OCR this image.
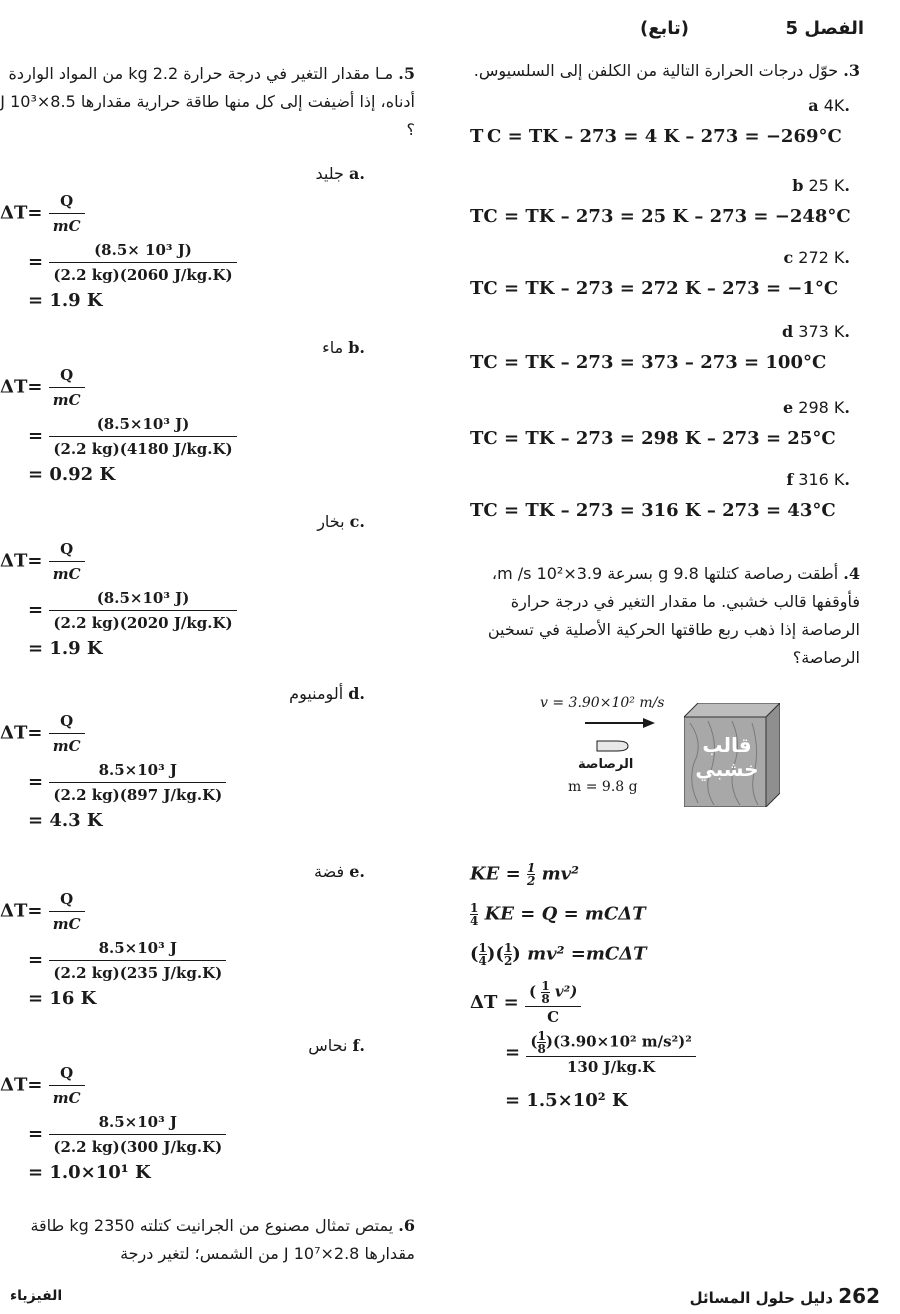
الفصل 5
(تابع)
3. حوّل درجات الحرارة التالية من الكلفن إلى السلسيوس.
.a 4K
T C = TK – 273 = 4 K – 273 = −269°C
.b 25 K
TC = TK – 273 = 25 K – 273 = −248°C
.c 272 K
TC = TK – 273 = 272 K – 273 = −1°C
.d 373 K
TC = TK – 273 = 373 – 273 = 100°C
.e 298 K
TC = TK – 273 = 298 K – 273 = 25°C
.f 316 K
TC = TK – 273 = 316 K – 273 = 43°C
4. أطقت رصاصة كتلتها 9.8 g بسرعة 3.9×10² m /s، فأوقفها قالب خشبي. ما مقدار التغير في درجة حرارة الرصاصة إذا ذهب ربع طاقتها الحركية الأصلية في تسخين الرصاصة؟
v = 3.90×10² m/s
الرصاصة
m = 9.8 g
قالب
خشبي
KE = $\frac{1}{2} mv^2$
$\frac{1}{4}$ KE = Q = mCΔT
( $\frac{1}{4}$ )( $\frac{1}{2}$ ) mv² =mCΔT
$\Delta T = \frac{( \frac{1}{8} v^2)}{C}$
= $\frac{( \frac{1}{8} )(3.90\times 10^2 m/s^2)^2}{130 J/kg.K}$
= 1.5×10² K
5. مـا مقدار التغير في درجة حرارة 2.2 kg من المواد الواردة أدناه، إذا أضيفت إلى كل منها طاقة حرارية مقدارها 8.5×10³ J ؟
.a جليد
$\Delta T= \frac{Q}{mC}$
= $\frac{\text{(8.5× 10³ J)}}{(2.2 kg)(2060 J/kg.K)}$
= 1.9 K
.b ماء
$\Delta T= \frac{Q}{mC}$
= $\frac{\text{(8.5×10³ J)}}{(2.2 kg)(4180 J/kg.K)}$
= 0.92 K
.c بخار
$\Delta T= \frac{Q}{mC}$
= $\frac{\text{(8.5×10³ J)}}{(2.2 kg)(2020 J/kg.K)}$
= 1.9 K
.d ألومنيوم
$\Delta T= \frac{Q}{mC}$
= $\frac{\text{8.5×10³ J}}{(2.2 kg)(897 J/kg.K)}$
= 4.3 K
.e فضة
$\Delta T= \frac{Q}{mC}$
= $\frac{\text{8.5×10³ J}}{(2.2 kg)(235 J/kg.K)}$
= 16 K
.f نحاس
$\Delta T= \frac{Q}{mC}$
= $\frac{\text{8.5×10³ J}}{(2.2 kg)(300 J/kg.K)}$
= 1.0×10¹ K
6. يمتص تمثال مصنوع من الجرانيت كتلته 2350 kg طاقة مقدارها 2.8×10⁷ J من الشمس؛ لتغير درجة
262 دليل حلول المسائل
الفيزياء
